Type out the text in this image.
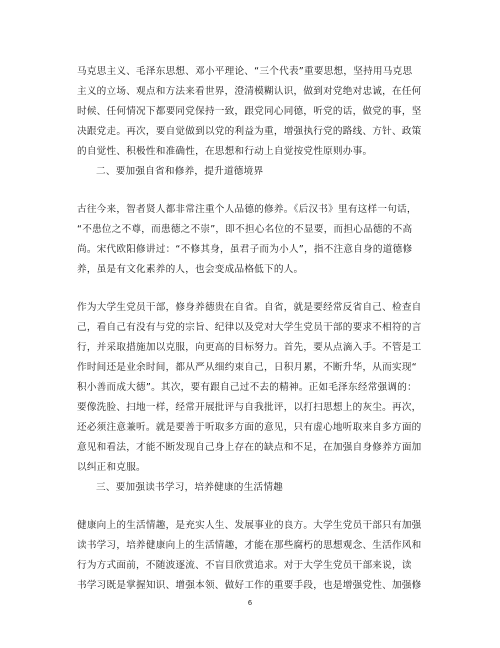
马克思主义、毛泽东思想、邓小平理论、“三个代表”重要思想，坚持用马克思

主义的立场、观点和方法来看世界，澄清模糊认识，做到对党绝对忠诚，在任何

时候、任何情况下都要同党保持一致，跟党同心同德，听党的话，做党的事，坚

决跟党走。再次，要自觉做到以党的利益为重，增强执行党的路线、方针、政策

的自觉性、积极性和准确性，在思想和行动上自觉按党性原则办事。

二、要加强自省和修养，提升道德境界

古往今来，智者贤人都非常注重个人品德的修养。《后汉书》里有这样一句话，

“不患位之不尊，而患德之不崇”，即不担心名位的不显要，而担心品德的不高

尚。宋代欧阳修讲过：“不修其身，虽君子而为小人”，指不注意自身的道德修

养，虽是有文化素养的人，也会变成品格低下的人。

作为大学生党员干部，修身养德贵在自省。自省，就是要经常反省自己、检查自

己，看自己有没有与党的宗旨、纪律以及党对大学生党员干部的要求不相符的言

行，并采取措施加以克服，向更高的目标努力。首先，要从点滴入手。不管是工

作时间还是业余时间，都从严从细约束自己，日积月累，不断升华，从而实现“

积小善而成大德”。其次，要有跟自己过不去的精神。正如毛泽东经常强调的：

要像洗脸、扫地一样，经常开展批评与自我批评，以打扫思想上的灰尘。再次，

还必须注意兼听。就是要善于听取多方面的意见，只有虚心地听取来自多方面的

意见和看法，才能不断发现自己身上存在的缺点和不足，在加强自身修养方面加

以纠正和克服。

三、要加强读书学习，培养健康的生活情趣

健康向上的生活情趣，是充实人生、发展事业的良方。大学生党员干部只有加强

读书学习，培养健康向上的生活情趣，才能在那些腐朽的思想观念、生活作风和

行为方式面前，不随波逐流、不盲目欣赏追求。对于大学生党员干部来说，读

书学习既是掌握知识、增强本领、做好工作的重要手段，也是增强党性、加强修

6
